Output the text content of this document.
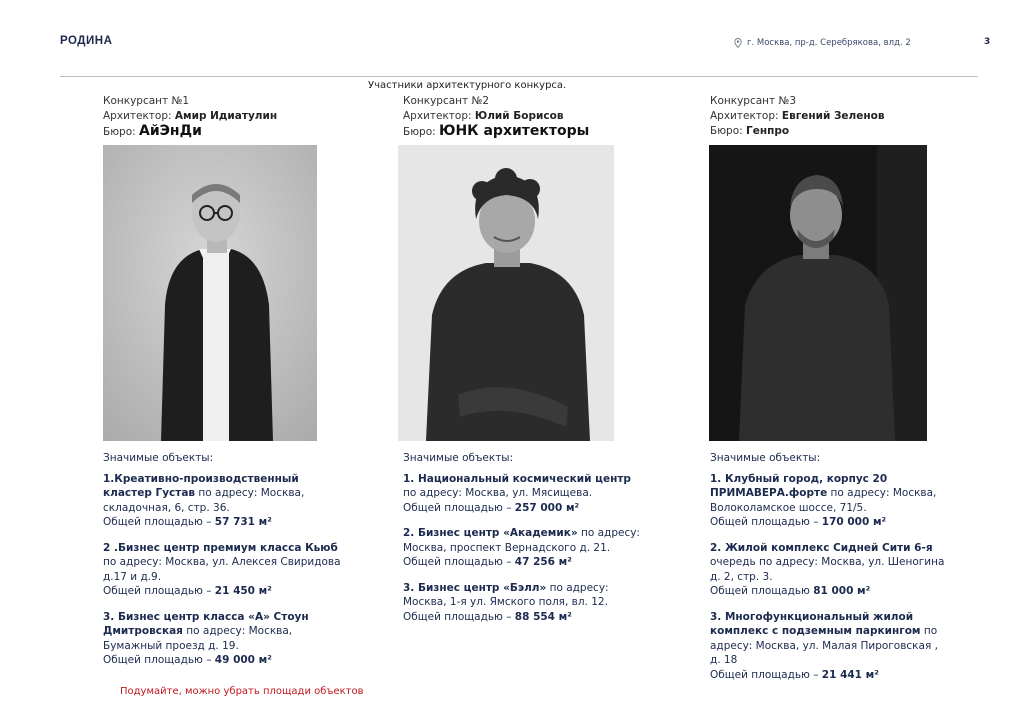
РОДИНА	г. Москва, пр-д. Серебрякова, влд. 2	3
Участники архитектурного конкурса.
Конкурсант №1
Архитектор: Амир Идиатулин
Бюро: АйЭнДи
Значимые объекты:
1.Креативно-производственный кластер Густав по адресу: Москва, складочная, 6, стр. 36.
Общей площадью – 57 731 м²
2 .Бизнес центр премиум класса Кьюб по адресу: Москва, ул. Алексея Свиридова д.17 и д.9.
Общей площадью – 21 450 м²
3. Бизнес центр класса «А» Стоун Дмитровская по адресу: Москва, Бумажный проезд д. 19.
Общей площадью – 49 000 м²
Конкурсант №2
Архитектор: Юлий Борисов
Бюро: ЮНК архитекторы
Значимые объекты:
1. Национальный космический центр по адресу: Москва, ул. Мясищева.
Общей площадью – 257 000 м²
2. Бизнес центр «Академик» по адресу: Москва, проспект Вернадского д. 21.
Общей площадью – 47 256 м²
3. Бизнес центр «Бэлл» по адресу: Москва, 1-я ул. Ямского поля, вл. 12.
Общей площадью – 88 554 м²
Конкурсант №3
Архитектор: Евгений Зеленов
Бюро: Генпро
Значимые объекты:
1. Клубный город, корпус 20 ПРИМАВЕРА.форте по адресу: Москва, Волоколамское шоссе, 71/5.
Общей площадью – 170 000 м²
2. Жилой комплекс Сидней Сити 6-я очередь по адресу: Москва, ул. Шеногина д. 2, стр. 3.
Общей площадью 81 000 м²
3. Многофункциональный жилой комплекс с подземным паркингом по адресу: Москва, ул. Малая Пироговская , д. 18
Общей площадью – 21 441 м²
Подумайте, можно убрать площади объектов
